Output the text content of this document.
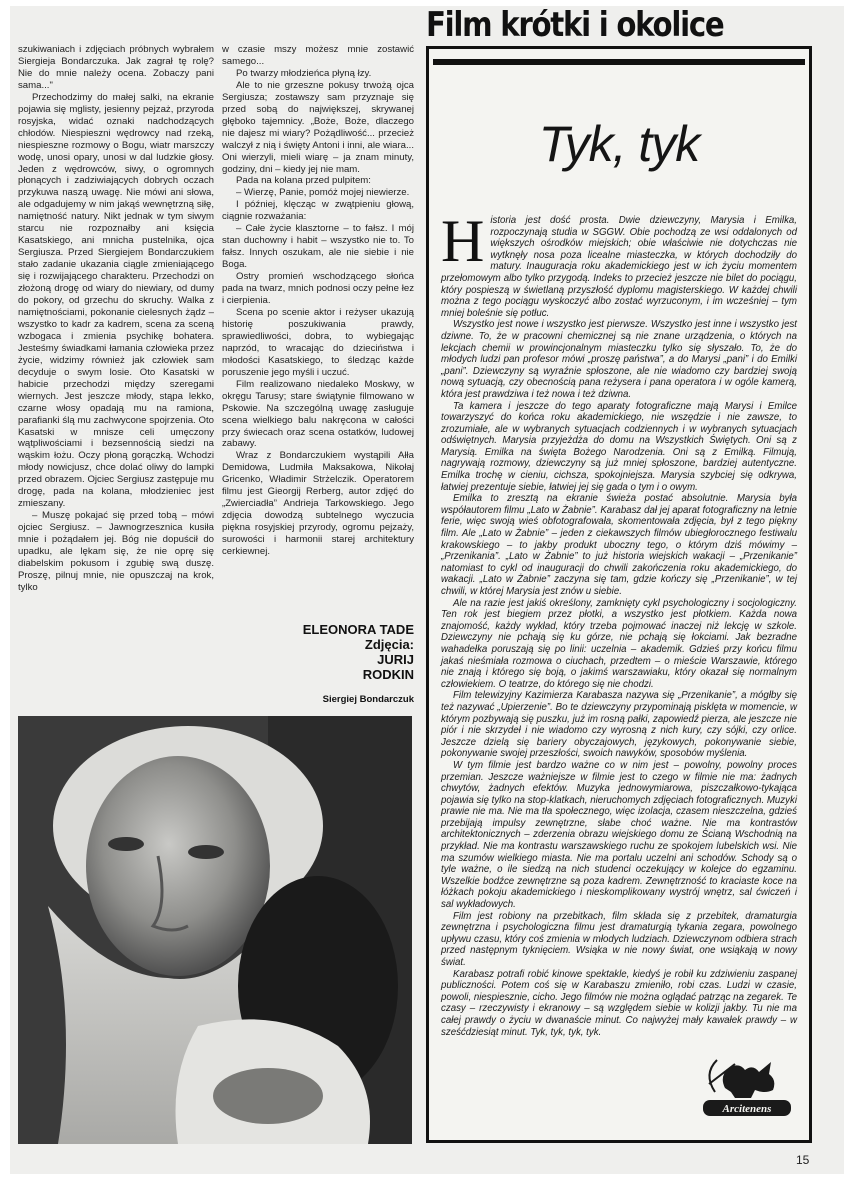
szukiwaniach i zdjęciach próbnych wybrałem Siergieja Bondarczuka. Jak zagrał tę rolę? Nie do mnie należy ocena. Zobaczy pani sama..."

Przechodzimy do małej salki, na ekranie pojawia się mglisty, jesienny pejzaż, przyroda rosyjska, widać oznaki nadchodzących chłodów. Niespieszni wędrowcy nad rzeką, niespieszne rozmowy o Bogu, wiatr marszczy wodę, unosi opary, unosi w dal ludzkie głosy. Jeden z wędrowców, siwy, o ogromnych płonących i zadziwiających dobrych oczach przykuwa naszą uwagę. Nie mówi ani słowa, ale odgadujemy w nim jakąś wewnętrzną siłę, namiętność natury. Nikt jednak w tym siwym starcu nie rozpoznałby ani księcia Kasatskiego, ani mnicha pustelnika, ojca Sergiusza. Przed Siergiejem Bondarczukiem stało zadanie ukazania ciągle zmieniającego się i rozwijającego charakteru. Przechodzi on złożoną drogę od wiary do niewiary, od dumy do pokory, od grzechu do skruchy. Walka z namiętnościami, pokonanie cielesnych żądz – wszystko to kadr za kadrem, scena za sceną wzbogaca i zmienia psychikę bohatera. Jesteśmy świadkami łamania człowieka przez życie, widzimy również jak człowiek sam decyduje o swym losie. Oto Kasatski w habicie przechodzi między szeregami wiernych. Jest jeszcze młody, stąpa lekko, czarne włosy opadają mu na ramiona, parafianki ślą mu zachwycone spojrzenia. Oto Kasatski w mnisze celi umęczony wątpliwościami i bezsennością siedzi na wąskim łożu. Oczy płoną gorączką. Wchodzi młody nowicjusz, chce dolać oliwy do lampki przed obrazem. Ojciec Sergiusz zastępuje mu drogę, pada na kolana, młodzieniec jest zmieszany.

– Muszę pokajać się przed tobą – mówi ojciec Sergiusz. – Jawnogrzesznica kusiła mnie i pożądałem jej. Bóg nie dopuścił do upadku, ale lękam się, że nie oprę się diabelskim pokusom i zgubię swą duszę. Proszę, pilnuj mnie, nie opuszczaj na krok, tylko

w czasie mszy możesz mnie zostawić samego...

Po twarzy młodzieńca płyną łzy.

Ale to nie grzeszne pokusy trwożą ojca Sergiusza; zostawszy sam przyznaje się przed sobą do największej, skrywanej głęboko tajemnicy. „Boże, Boże, dlaczego nie dajesz mi wiary? Pożądliwość... przecież walczył z nią i święty Antoni i inni, ale wiara... Oni wierzyli, mieli wiarę – ja znam minuty, godziny, dni – kiedy jej nie mam.

Pada na kolana przed pulpitem:

– Wierzę, Panie, pomóż mojej niewierze.

I później, klęcząc w zwątpieniu głową, ciągnie rozważania:

– Całe życie klasztorne – to fałsz. I mój stan duchowny i habit – wszystko nie to. To fałsz. Innych oszukam, ale nie siebie i nie Boga.

Ostry promień wschodzącego słońca pada na twarz, mnich podnosi oczy pełne łez i cierpienia.

Scena po scenie aktor i reżyser ukazują historię poszukiwania prawdy, sprawiedliwości, dobra, to wybiegając naprzód, to wracając do dzieciństwa i młodości Kasatskiego, to śledząc każde poruszenie jego myśli i uczuć.

Film realizowano niedaleko Moskwy, w okręgu Tarusy; stare świątynie filmowano w Pskowie. Na szczególną uwagę zasługuje scena wielkiego balu nakręcona w całości przy świecach oraz scena ostatków, ludowej zabawy.

Wraz z Bondarczukiem wystąpili Ałła Demidowa, Ludmiła Maksakowa, Nikołaj Gricenko, Władimir Strżelczik. Operatorem filmu jest Gieorgij Rerberg, autor zdjęć do „Zwierciadła” Andrieja Tarkowskiego. Jego zdjęcia dowodzą subtelnego wyczucia piękna rosyjskiej przyrody, ogromu pejzaży, surowości i harmonii starej architektury cerkiewnej.

ELEONORA TADE
Zdjęcia:
JURIJ
RODKIN
Siergiej Bondarczuk
Film krótki i okolice
Tyk, tyk

Historia jest dość prosta. Dwie dziewczyny, Marysia i Emilka, rozpoczynają studia w SGGW. Obie pochodzą ze wsi oddalonych od większych ośrodków miejskich; obie właściwie nie dotychczas nie wytknęły nosa poza licealne miasteczka, w których dochodziły do matury. Inauguracja roku akademickiego jest w ich życiu momentem przełomowym albo tylko przygodą. Indeks to przecież jeszcze nie bilet do pociągu, który pospieszą w świetlaną przyszłość dyplomu magisterskiego. W każdej chwili można z tego pociągu wyskoczyć albo zostać wyrzuconym, i im wcześniej – tym mniej boleśnie się potłuc.

Wszystko jest nowe i wszystko jest pierwsze. Wszystko jest inne i wszystko jest dziwne. To, że w pracowni chemicznej są nie znane urządzenia, o których na lekcjach chemii w prowincjonalnym miasteczku tylko się słyszało. To, że do młodych ludzi pan profesor mówi „proszę państwa”, a do Marysi „pani” i do Emilki „pani”. Dziewczyny są wyraźnie spłoszone, ale nie wiadomo czy bardziej swoją nową sytuacją, czy obecnością pana reżysera i pana operatora i w ogóle kamerą, która jest prawdziwa i też nowa i też dziwna.

Ta kamera i jeszcze do tego aparaty fotograficzne mają Marysi i Emilce towarzyszyć do końca roku akademickiego, nie wszędzie i nie zawsze, to zrozumiałe, ale w wybranych sytuacjach codziennych i w wybranych sytuacjach odświętnych. Marysia przyjeżdża do domu na Wszystkich Świętych. Oni są z Marysią. Emilka na święta Bożego Narodzenia. Oni są z Emilką. Filmują, nagrywają rozmowy, dziewczyny są już mniej spłoszone, bardziej autentyczne. Emilka trochę w cieniu, cichsza, spokojniejsza. Marysia szybciej się odkrywa, łatwiej prezentuje siebie, łatwiej jej się gada o tym i o owym.

Emilka to zresztą na ekranie świeża postać absolutnie. Marysia była współautorem filmu „Lato w Żabnie”. Karabasz dał jej aparat fotograficzny na letnie ferie, więc swoją wieś obfotografowała, skomentowała zdjęcia, był z tego piękny film. Ale „Lato w Żabnie” – jeden z ciekawszych filmów ubiegłorocznego festiwalu krakowskiego – to jakby produkt uboczny tego, o którym dziś mówimy – „Przenikania”. „Lato w Żabnie” to już historia wiejskich wakacji – „Przenikanie” natomiast to cykl od inauguracji do chwili zakończenia roku akademickiego, do wakacji. „Lato w Żabnie” zaczyna się tam, gdzie kończy się „Przenikanie”, w tej chwili, w której Marysia jest znów u siebie.

Ale na razie jest jakiś określony, zamknięty cykl psychologiczny i socjologiczny. Ten rok jest biegiem przez płotki, a wszystko jest płotkiem. Każda nowa znajomość, każdy wykład, który trzeba pojmować inaczej niż lekcję w szkole. Dziewczyny nie pchają się ku górze, nie pchają się łokciami. Jak bezradne wahadełka poruszają się po linii: uczelnia – akademik. Gdzieś przy końcu filmu jakaś nieśmiała rozmowa o ciuchach, przedtem – o mieście Warszawie, którego nie znają i którego się boją, o jakimś warszawiaku, który okazał się normalnym człowiekiem. O teatrze, do którego się nie chodzi.

Film telewizyjny Kazimierza Karabasza nazywa się „Przenikanie”, a mógłby się też nazywać „Upierzenie”. Bo te dziewczyny przypominają pisklęta w momencie, w którym pozbywają się puszku, już im rosną pałki, zapowiedź pierza, ale jeszcze nie piór i nie skrzydeł i nie wiadomo czy wyrosną z nich kury, czy sójki, czy orlice. Jeszcze dzielą się bariery obyczajowych, językowych, pokonywanie siebie, pokonywanie swojej przeszłości, swoich nawyków, sposobów myślenia.

W tym filmie jest bardzo ważne co w nim jest – powolny, powolny proces przemian. Jeszcze ważniejsze w filmie jest to czego w filmie nie ma: żadnych chwytów, żadnych efektów. Muzyka jednowymiarowa, piszczałkowo-tykająca pojawia się tylko na stop-klatkach, nieruchomych zdjęciach fotograficznych. Muzyki prawie nie ma. Nie ma tła społecznego, więc izolacja, czasem nieszczelna, gdzieś przebijają impulsy zewnętrzne, słabe choć ważne. Nie ma kontrastów architektonicznych – zderzenia obrazu wiejskiego domu ze Ścianą Wschodnią na przykład. Nie ma kontrastu warszawskiego ruchu ze spokojem lubelskich wsi. Nie ma szumów wielkiego miasta. Nie ma portalu uczelni ani schodów. Schody są o tyle ważne, o ile siedzą na nich studenci oczekujący w kolejce do egzaminu. Wszelkie bodźce zewnętrzne są poza kadrem. Zewnętrzność to kraciaste koce na łóżkach pokoju akademickiego i nieskomplikowany wystrój wnętrz, sal ćwiczeń i sal wykładowych.

Film jest robiony na przebitkach, film składa się z przebitek, dramaturgia zewnętrzna i psychologiczna filmu jest dramaturgią tykania zegara, powolnego upływu czasu, który coś zmienia w młodych ludziach. Dziewczynom odbiera strach przed następnym tyknięciem. Wsiąka w nie nowy świat, one wsiąkają w nowy świat.

Karabasz potrafi robić kinowe spektakle, kiedyś je robił ku zdziwieniu zaspanej publiczności. Potem coś się w Karabaszu zmieniło, robi czas. Ludzi w czasie, powoli, niespiesznie, cicho. Jego filmów nie można oglądać patrząc na zegarek. Te czasy – rzeczywisty i ekranowy – są względem siebie w kolizji jakby. Tu nie ma całej prawdy o życiu w dwanaście minut. Co najwyżej mały kawałek prawdy – w sześćdziesiąt minut. Tyk, tyk, tyk, tyk.

Arcitenens
15
